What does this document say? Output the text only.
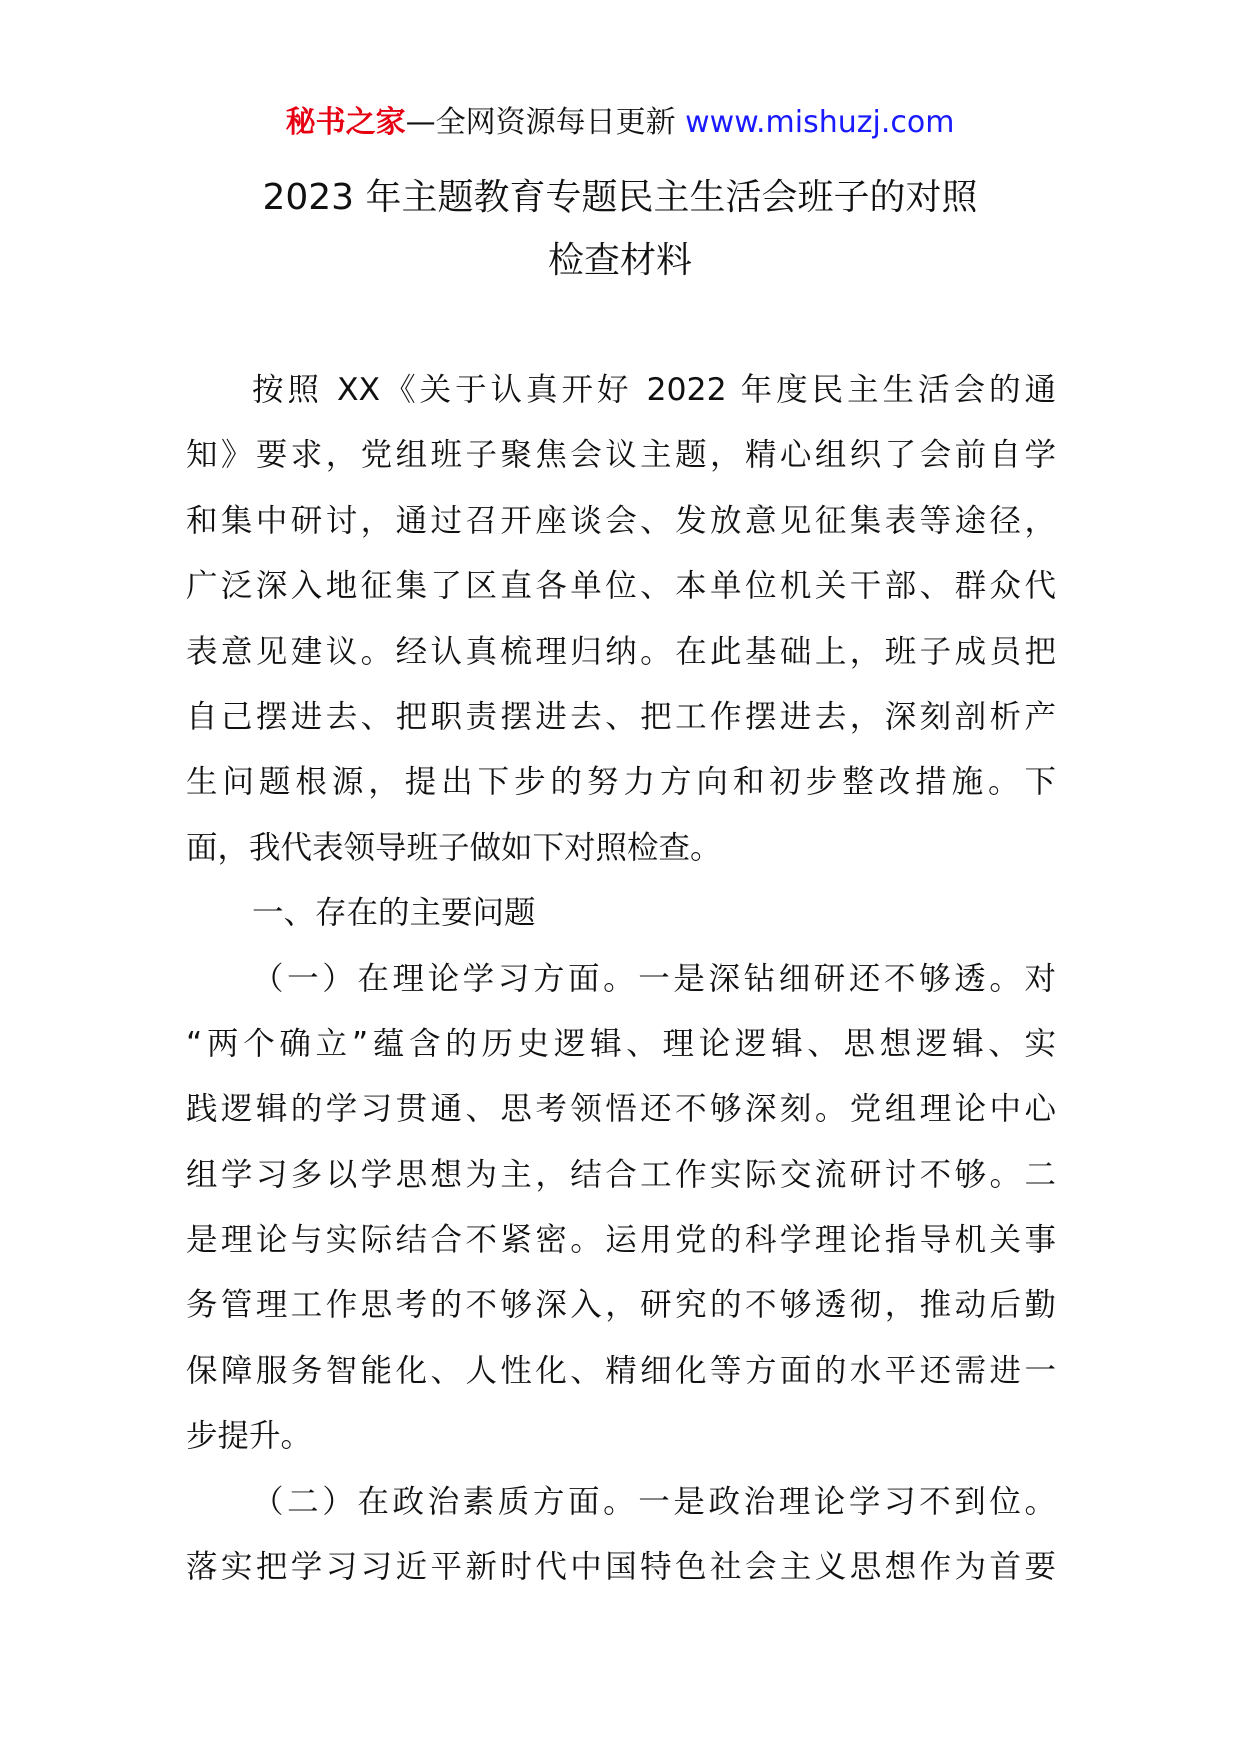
秘书之家—全网资源每日更新 www.mishuzj.com
2023 年主题教育专题民主生活会班子的对照
检查材料
按照 XX《关于认真开好 2022 年度民主生活会的通
知》要求，党组班子聚焦会议主题，精心组织了会前自学
和集中研讨，通过召开座谈会、发放意见征集表等途径，
广泛深入地征集了区直各单位、本单位机关干部、群众代
表意见建议。经认真梳理归纳。在此基础上，班子成员把
自己摆进去、把职责摆进去、把工作摆进去，深刻剖析产
生问题根源，提出下步的努力方向和初步整改措施。下
面，我代表领导班子做如下对照检查。
一、存在的主要问题
（一）在理论学习方面。一是深钻细研还不够透。对
“两个确立”蕴含的历史逻辑、理论逻辑、思想逻辑、实
践逻辑的学习贯通、思考领悟还不够深刻。党组理论中心
组学习多以学思想为主，结合工作实际交流研讨不够。二
是理论与实际结合不紧密。运用党的科学理论指导机关事
务管理工作思考的不够深入，研究的不够透彻，推动后勤
保障服务智能化、人性化、精细化等方面的水平还需进一
步提升。
（二）在政治素质方面。一是政治理论学习不到位。
落实把学习习近平新时代中国特色社会主义思想作为首要
